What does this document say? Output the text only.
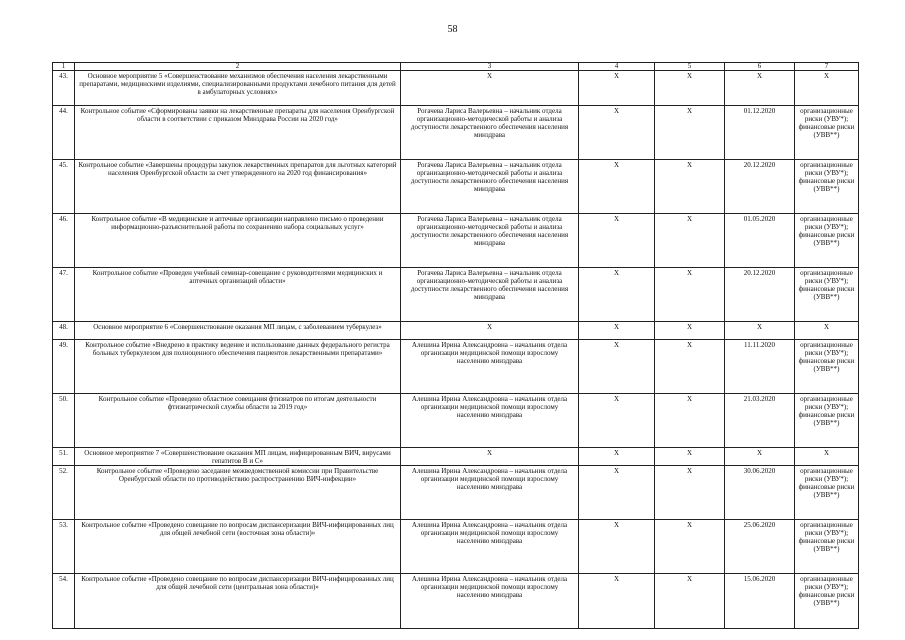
58
1	2	3	4	5	6	7
43.	Основное мероприятие 5 «Совершенствование механизмов обеспечения населения лекарственными препаратами, медицинскими изделиями, специализированными продуктами лечебного питания для детей в амбулаторных условиях»	X	X	X	X	X
44.	Контрольное событие «Сформированы заявки на лекарственные препараты для населения Оренбургской области в соответствии с приказом Минздрава России на 2020 год»	Рогачева Лариса Валерьевна – начальник отдела организационно-методической работы и анализа доступности лекарственного обеспечения населения минздрава	X	X	01.12.2020	организационные риски (УВУ*); финансовые риски (УВВ**)
45.	Контрольное событие «Завершены процедуры закупок лекарственных препаратов для льготных категорий населения Оренбургской области за счет утвержденного на 2020 год финансирования»	Рогачева Лариса Валерьевна – начальник отдела организационно-методической работы и анализа доступности лекарственного обеспечения населения минздрава	X	X	20.12.2020	организационные риски (УВУ*); финансовые риски (УВВ**)
46.	Контрольное событие «В медицинские и аптечные организации направлено письмо о проведении информационно-разъяснительной работы по сохранению набора социальных услуг»	Рогачева Лариса Валерьевна – начальник отдела организационно-методической работы и анализа доступности лекарственного обеспечения населения минздрава	X	X	01.05.2020	организационные риски (УВУ*); финансовые риски (УВВ**)
47.	Контрольное событие «Проведен учебный семинар-совещание с руководителями медицинских и аптечных организаций области»	Рогачева Лариса Валерьевна – начальник отдела организационно-методической работы и анализа доступности лекарственного обеспечения населения минздрава	X	X	20.12.2020	организационные риски (УВУ*); финансовые риски (УВВ**)
48.	Основное мероприятие 6 «Совершенствование оказания МП лицам, с заболеванием туберкулез»	X	X	X	X	X
49.	Контрольное событие «Внедрено в практику ведение и использование данных федерального регистра больных туберкулезом для полноценного обеспечения пациентов лекарственными препаратами»	Алешина Ирина Александровна – начальник отдела организации медицинской помощи взрослому населению минздрава	X	X	11.11.2020	организационные риски (УВУ*); финансовые риски (УВВ**)
50.	Контрольное событие «Проведено областное совещания фтизиатров по итогам деятельности фтизиатрической службы области за 2019 год»	Алешина Ирина Александровна – начальник отдела организации медицинской помощи взрослому населению минздрава	X	X	21.03.2020	организационные риски (УВУ*); финансовые риски (УВВ**)
51.	Основное мероприятие 7 «Совершенствование оказания МП лицам, инфицированным ВИЧ, вирусами гепатитов В и С»	X	X	X	X	X
52.	Контрольное событие «Проведено заседание межведомственной комиссии при Правительстве Оренбургской области по противодействию распространению ВИЧ-инфекции»	Алешина Ирина Александровна – начальник отдела организации медицинской помощи взрослому населению минздрава	X	X	30.06.2020	организационные риски (УВУ*); финансовые риски (УВВ**)
53.	Контрольное событие «Проведено совещание по вопросам диспансеризации ВИЧ-инфицированных лиц для общей лечебной сети (восточная зона области)»	Алешина Ирина Александровна – начальник отдела организации медицинской помощи взрослому населению минздрава	X	X	25.06.2020	организационные риски (УВУ*); финансовые риски (УВВ**)
54.	Контрольное событие «Проведено совещание по вопросам диспансеризации ВИЧ-инфицированных лиц для общей лечебной сети (центральная зона области)»	Алешина Ирина Александровна – начальник отдела организации медицинской помощи взрослому населению минздрава	X	X	15.06.2020	организационные риски (УВУ*); финансовые риски (УВВ**)
